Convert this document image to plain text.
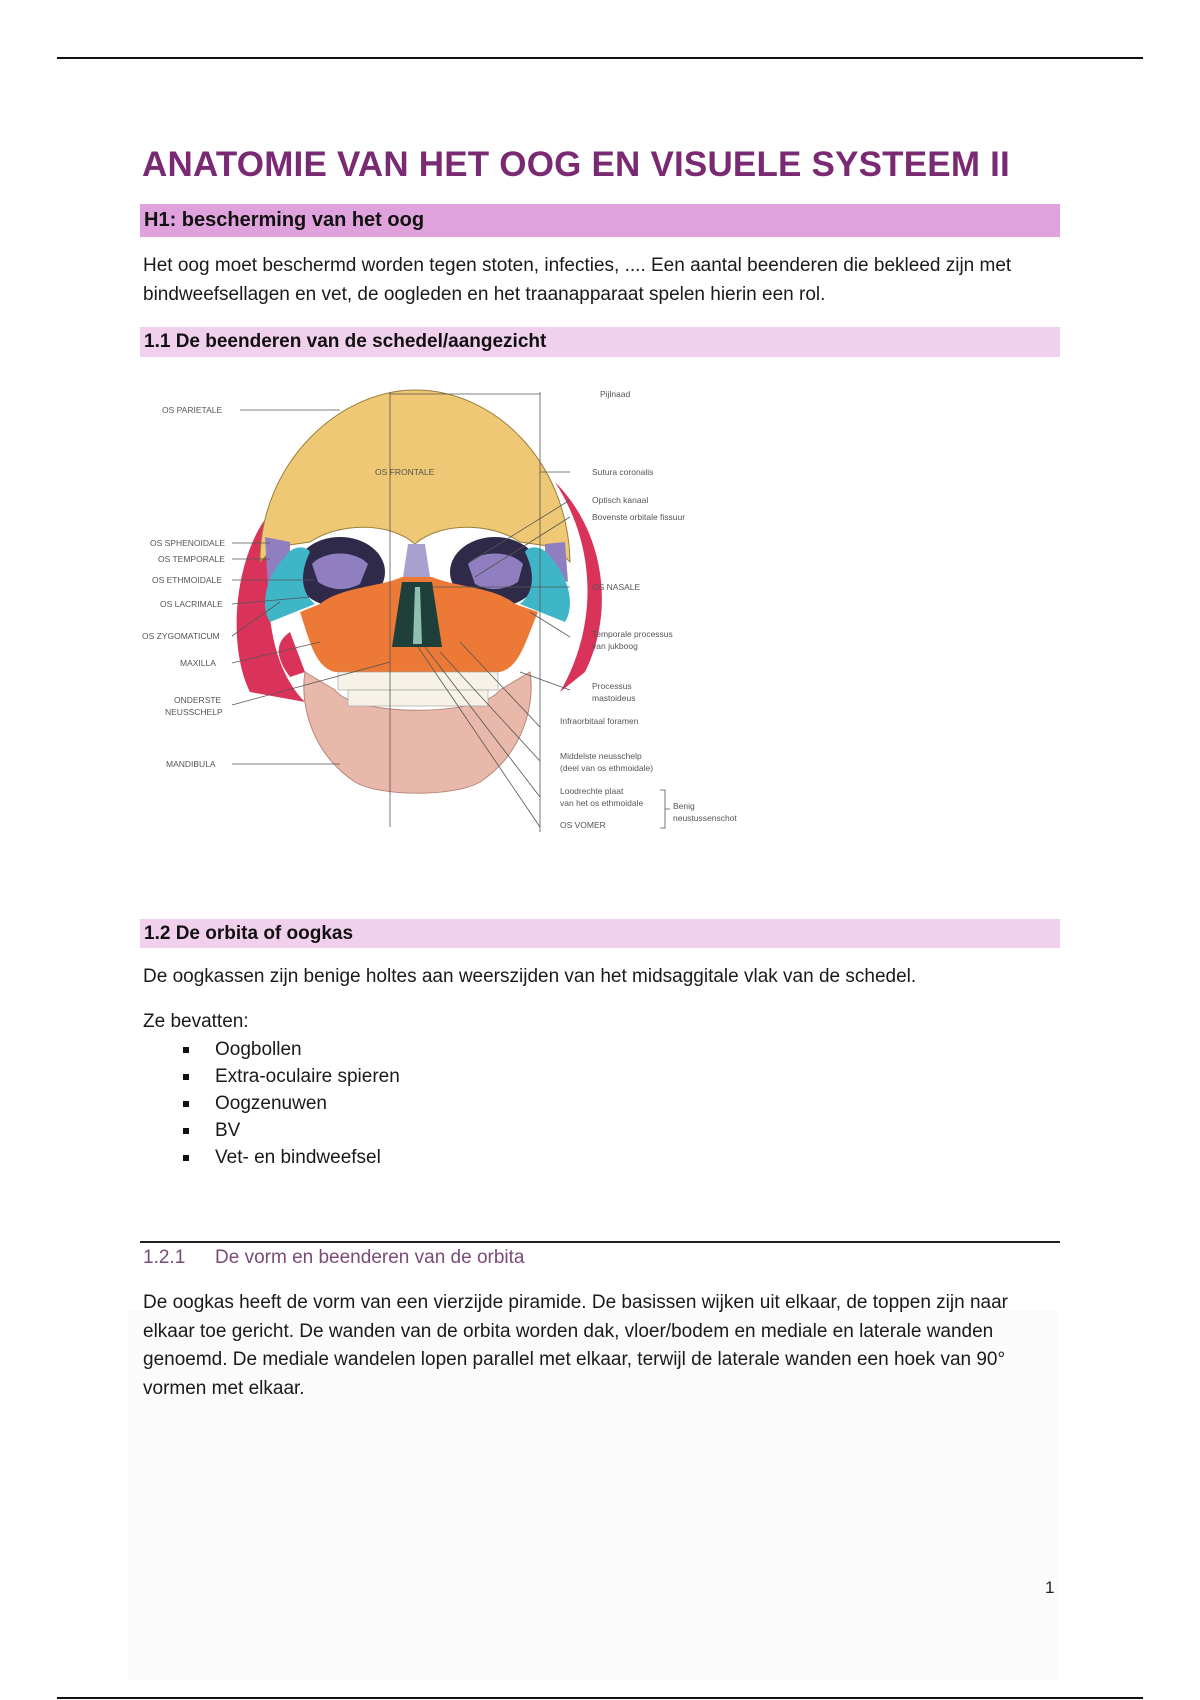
ANATOMIE VAN HET OOG EN VISUELE SYSTEEM II
H1: bescherming van het oog

Het oog moet beschermd worden tegen stoten, infecties, .... Een aantal beenderen die bekleed zijn met bindweefsellagen en vet, de oogleden en het traanapparaat spelen hierin een rol.

1.1 De beenderen van de schedel/aangezicht
OS PARIETALE
OS SPHENOIDALE
OS TEMPORALE
OS ETHMOIDALE
OS LACRIMALE
OS ZYGOMATICUM
MAXILLA
ONDERSTE
NEUSSCHELP
MANDIBULA
OS FRONTALE
Pijlnaad
Sutura coronalis
Optisch kanaal
Bovenste orbitale fissuur
OS NASALE
Temporale processus
van jukboog
Processus
mastoideus
Infraorbitaal foramen
Middelste neusschelp
(deel van os ethmoidale)
Loodrechte plaat
van het os ethmoidale
OS VOMER
Benig
neustussenschot
1.2 De orbita of oogkas

De oogkassen zijn benige holtes aan weerszijden van het midsaggitale vlak van de schedel.

Ze bevatten:

Oogbollen
Extra-oculaire spieren
Oogzenuwen
BV
Vet- en bindweefsel
1.2.1 De vorm en beenderen van de orbita

De oogkas heeft de vorm van een vierzijde piramide. De basissen wijken uit elkaar, de toppen zijn naar elkaar toe gericht. De wanden van de orbita worden dak, vloer/bodem en mediale en laterale wanden genoemd. De mediale wandelen lopen parallel met elkaar, terwijl de laterale wanden een hoek van 90° vormen met elkaar.

1
